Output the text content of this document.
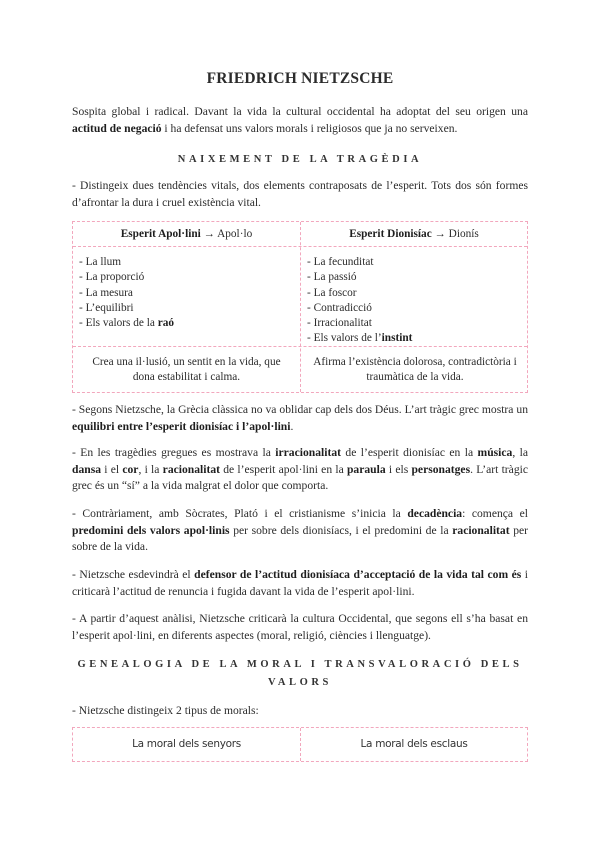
FRIEDRICH NIETZSCHE

Sospita global i radical. Davant la vida la cultural occidental ha adoptat del seu origen una actitud de negació i ha defensat uns valors morals i religiosos que ja no serveixen.

NAIXEMENT DE LA TRAGÈDIA

- Distingeix dues tendències vitals, dos elements contraposats de l’esperit. Tots dos són formes d’afrontar la dura i cruel existència vital.

Esperit Apol·lini → Apol·lo	Esperit Dionisíac → Dionís
- La llum
- La proporció
- La mesura
- L’equilibri
- Els valors de la raó
- La fecunditat
- La passió
- La foscor
- Contradicció
- Irracionalitat
- Els valors de l’instint
Crea una il·lusió, un sentit en la vida, que dona estabilitat i calma.
Afirma l’existència dolorosa, contradictòria i traumàtica de la vida.

- Segons Nietzsche, la Grècia clàssica no va oblidar cap dels dos Déus. L’art tràgic grec mostra un equilibri entre l’esperit dionisíac i l’apol·lini.

- En les tragèdies gregues es mostrava la irracionalitat de l’esperit dionisíac en la música, la dansa i el cor, i la racionalitat de l’esperit apol·lini en la paraula i els personatges. L’art tràgic grec és un “sí” a la vida malgrat el dolor que comporta.

- Contràriament, amb Sòcrates, Plató i el cristianisme s’inicia la decadència: comença el predomini dels valors apol·linis per sobre dels dionisíacs, i el predomini de la racionalitat per sobre de la vida.

- Nietzsche esdevindrà el defensor de l’actitud dionisíaca d’acceptació de la vida tal com és i criticarà l’actitud de renuncia i fugida davant la vida de l’esperit apol·lini.

- A partir d’aquest anàlisi, Nietzsche criticarà la cultura Occidental, que segons ell s’ha basat en l’esperit apol·lini, en diferents aspectes (moral, religió, ciències i llenguatge).

GENEALOGIA DE LA MORAL I TRANSVALORACIÓ DELS VALORS

- Nietzsche distingeix 2 tipus de morals:

La moral dels senyors	La moral dels esclaus
